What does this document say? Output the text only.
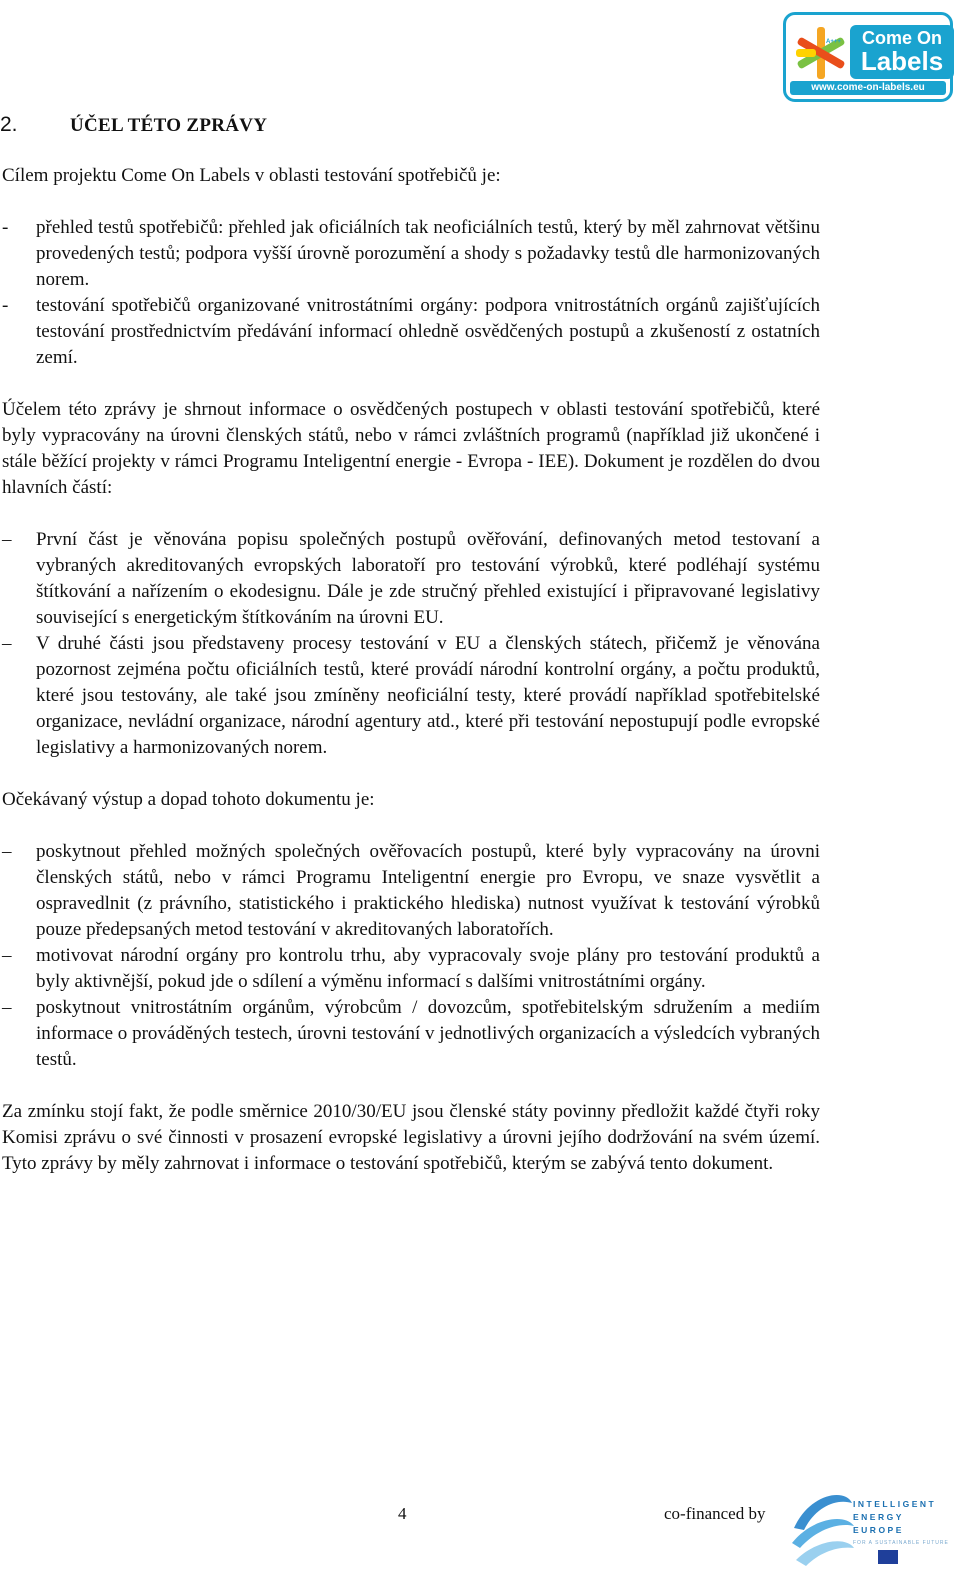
A+++	Come On
Labels
www.come-on-labels.eu
2.	ÚČEL TÉTO ZPRÁVY

Cílem projektu Come On Labels v oblasti testování spotřebičů je:

-
přehled testů spotřebičů: přehled jak oficiálních tak neoficiálních testů, který by měl zahrnovat většinu provedených testů; podpora vyšší úrovně porozumění a shody s požadavky testů dle harmonizovaných norem.
-
testování spotřebičů organizované vnitrostátními orgány: podpora vnitrostátních orgánů zajišťujících testování prostřednictvím předávání informací ohledně osvědčených postupů a zkušeností z ostatních zemí.

Účelem této zprávy je shrnout informace o osvědčených postupech v oblasti testování spotřebičů, které byly vypracovány na úrovni členských států, nebo v rámci zvláštních programů (například již ukončené i stále běžící projekty v rámci Programu Inteligentní energie - Evropa - IEE). Dokument je rozdělen do dvou hlavních částí:

–
První část je věnována popisu společných postupů ověřování, definovaných metod testovaní a vybraných akreditovaných evropských laboratoří pro testování výrobků, které podléhají systému štítkování a nařízením o ekodesignu. Dále je zde stručný přehled existující i připravované legislativy související s energetickým štítkováním na úrovni EU.
–
V druhé části jsou představeny procesy testování v EU a členských státech, přičemž je věnována pozornost zejména počtu oficiálních testů, které provádí národní kontrolní orgány, a počtu produktů, které jsou testovány, ale také jsou zmíněny neoficiální testy, které provádí například spotřebitelské organizace, nevládní organizace, národní agentury atd., které při testování nepostupují podle evropské legislativy a harmonizovaných norem.

Očekávaný výstup a dopad tohoto dokumentu je:

–
poskytnout přehled možných společných ověřovacích postupů, které byly vypracovány na úrovni členských států, nebo v rámci Programu Inteligentní energie pro Evropu, ve snaze vysvětlit a ospravedlnit (z právního, statistického i praktického hlediska) nutnost využívat k testování výrobků pouze předepsaných metod testování v akreditovaných laboratořích.
–
motivovat národní orgány pro kontrolu trhu, aby vypracovaly svoje plány pro testování produktů a byly aktivnější, pokud jde o sdílení a výměnu informací s dalšími vnitrostátními orgány.
–
poskytnout vnitrostátním orgánům, výrobcům / dovozcům, spotřebitelským sdružením a mediím informace o prováděných testech, úrovni testování v jednotlivých organizacích a výsledcích vybraných testů.

Za zmínku stojí fakt, že podle směrnice 2010/30/EU jsou členské státy povinny předložit každé čtyři roky Komisi zprávu o své činnosti v prosazení evropské legislativy a úrovni jejího dodržování na svém území. Tyto zprávy by měly zahrnovat i informace o testování spotřebičů, kterým se zabývá tento dokument.

4	co-financed by	INTELLIGENT
ENERGY
EUROPE
FOR A SUSTAINABLE FUTURE
